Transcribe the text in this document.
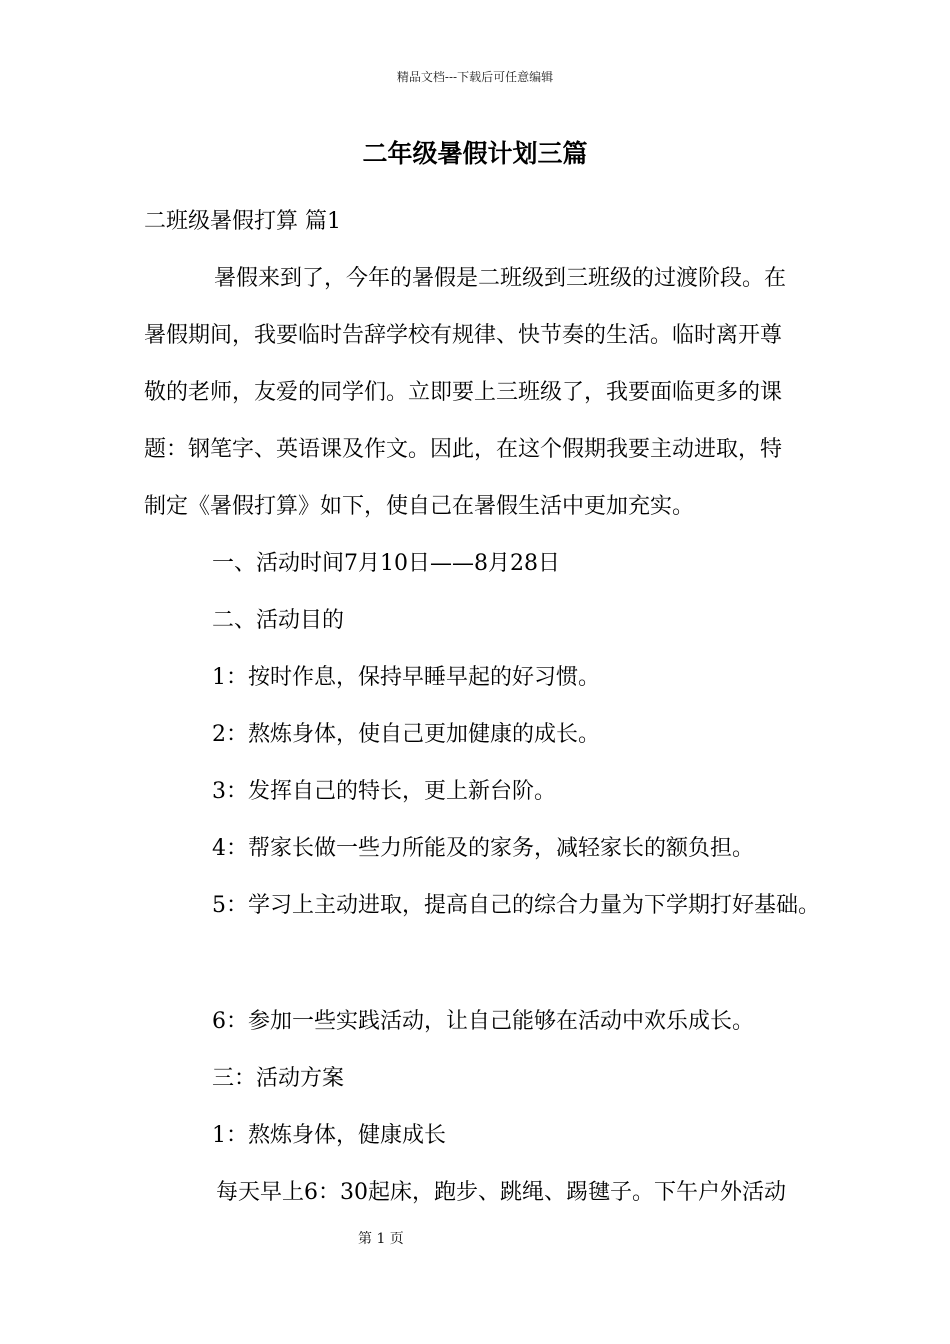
精品文档---下载后可任意编辑
二年级暑假计划三篇
二班级暑假打算 篇1
暑假来到了，今年的暑假是二班级到三班级的过渡阶段。在
暑假期间，我要临时告辞学校有规律、快节奏的生活。临时离开尊
敬的老师，友爱的同学们。立即要上三班级了，我要面临更多的课
题：钢笔字、英语课及作文。因此，在这个假期我要主动进取，特
制定《暑假打算》如下，使自己在暑假生活中更加充实。
一、活动时间7月10日——8月28日
二、活动目的
1：按时作息，保持早睡早起的好习惯。
2：熬炼身体，使自己更加健康的成长。
3：发挥自己的特长，更上新台阶。
4：帮家长做一些力所能及的家务，减轻家长的额负担。
5：学习上主动进取，提高自己的综合力量为下学期打好基础。
6：参加一些实践活动，让自己能够在活动中欢乐成长。
三：活动方案
1：熬炼身体，健康成长
每天早上6：30起床，跑步、跳绳、踢毽子。下午户外活动
第 1 页
